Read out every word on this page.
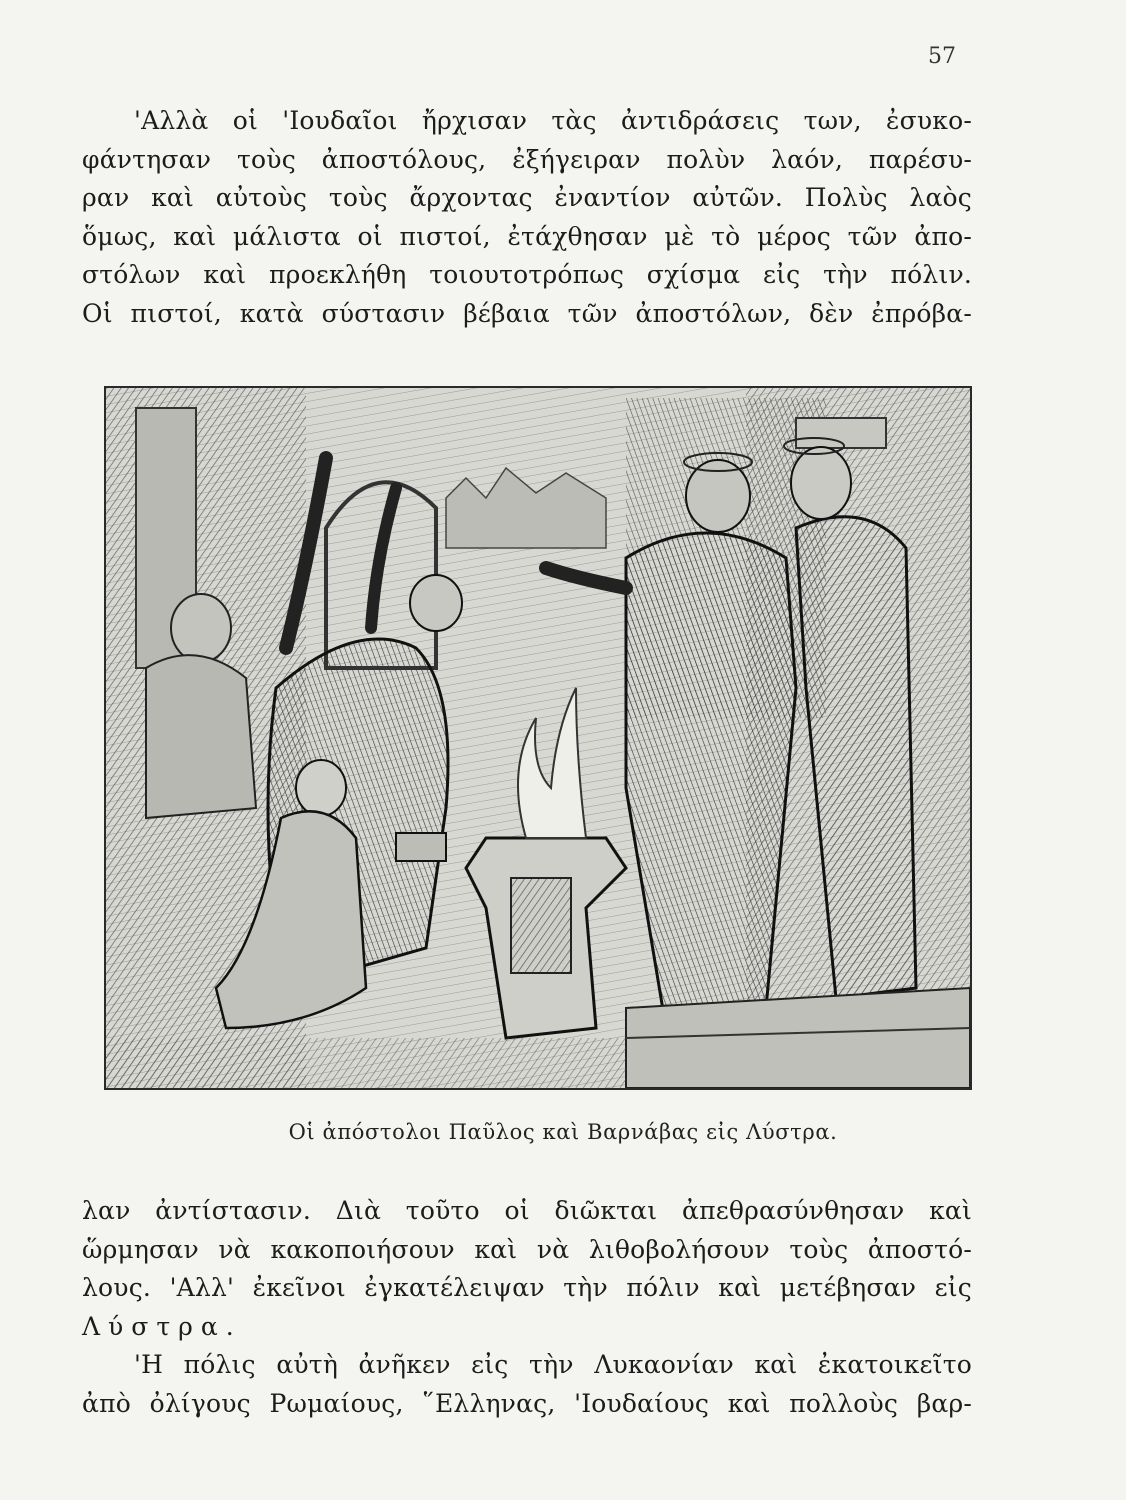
57
'Αλλὰ οἱ 'Ιουδαῖοι ἤρχισαν τὰς ἀντιδράσεις των, ἐσυκο-
φάντησαν τοὺς ἀποστόλους, ἐξήγειραν πολὺν λαόν, παρέσυ-
ραν καὶ αὐτοὺς τοὺς ἄρχοντας ἐναντίον αὐτῶν. Πολὺς λαὸς
ὅμως, καὶ μάλιστα οἱ πιστοί, ἐτάχθησαν μὲ τὸ μέρος τῶν ἀπο-
στόλων καὶ προεκλήθη τοιουτοτρόπως σχίσμα εἰς τὴν πόλιν.
Οἱ πιστοί, κατὰ σύστασιν βέβαια τῶν ἀποστόλων, δὲν ἐπρόβα-
Οἱ ἀπόστολοι Παῦλος καὶ Βαρνάβας εἰς Λύστρα.
λαν ἀντίστασιν. Διὰ τοῦτο οἱ διῶκται ἀπεθρασύνθησαν καὶ
ὥρμησαν νὰ κακοποιήσουν καὶ νὰ λιθοβολήσουν τοὺς ἀποστό-
λους. 'Αλλ' ἐκεῖνοι ἐγκατέλειψαν τὴν πόλιν καὶ μετέβησαν εἰς
Λύστρα.
'Η πόλις αὐτὴ ἀνῆκεν εἰς τὴν Λυκαονίαν καὶ ἐκατοικεῖτο
ἀπὸ ὀλίγους Ρωμαίους, ῞Ελληνας, 'Ιουδαίους καὶ πολλοὺς βαρ-
